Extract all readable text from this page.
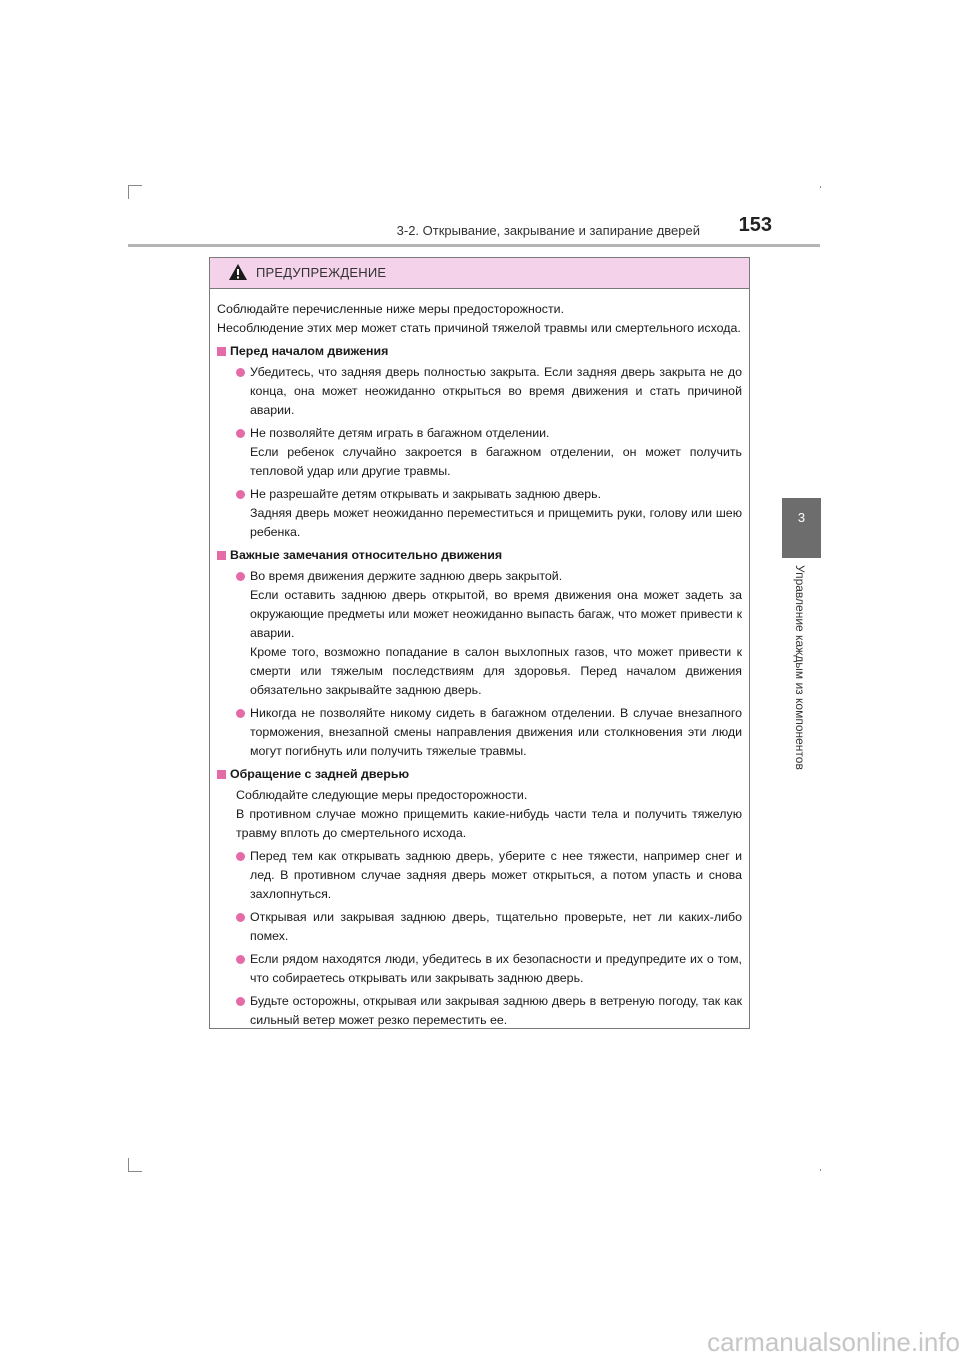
3-2. Открывание, закрывание и запирание дверей 153
3
Управление каждым из компонентов
ПРЕДУПРЕЖДЕНИЕ

Соблюдайте перечисленные ниже меры предосторожности.

Несоблюдение этих мер может стать причиной тяжелой травмы или смертельного исхода.

Перед началом движения

Убедитесь, что задняя дверь полностью закрыта. Если задняя дверь закрыта не до конца, она может неожиданно открыться во время движения и стать причиной аварии.

Не позволяйте детям играть в багажном отделении.

Если ребенок случайно закроется в багажном отделении, он может получить тепловой удар или другие травмы.

Не разрешайте детям открывать и закрывать заднюю дверь.

Задняя дверь может неожиданно переместиться и прищемить руки, голову или шею ребенка.

Важные замечания относительно движения

Во время движения держите заднюю дверь закрытой.

Если оставить заднюю дверь открытой, во время движения она может задеть за окружающие предметы или может неожиданно выпасть багаж, что может привести к аварии.

Кроме того, возможно попадание в салон выхлопных газов, что может привести к смерти или тяжелым последствиям для здоровья. Перед началом движения обязательно закрывайте заднюю дверь.

Никогда не позволяйте никому сидеть в багажном отделении. В случае внезапного торможения, внезапной смены направления движения или столкновения эти люди могут погибнуть или получить тяжелые травмы.

Обращение с задней дверью

Соблюдайте следующие меры предосторожности.

В противном случае можно прищемить какие-нибудь части тела и получить тяжелую травму вплоть до смертельного исхода.

Перед тем как открывать заднюю дверь, уберите с нее тяжести, например снег и лед. В противном случае задняя дверь может открыться, а потом упасть и снова захлопнуться.

Открывая или закрывая заднюю дверь, тщательно проверьте, нет ли каких-либо помех.

Если рядом находятся люди, убедитесь в их безопасности и предупредите их о том, что собираетесь открывать или закрывать заднюю дверь.

Будьте осторожны, открывая или закрывая заднюю дверь в ветреную погоду, так как сильный ветер может резко переместить ее.

carmanualsonline.info
